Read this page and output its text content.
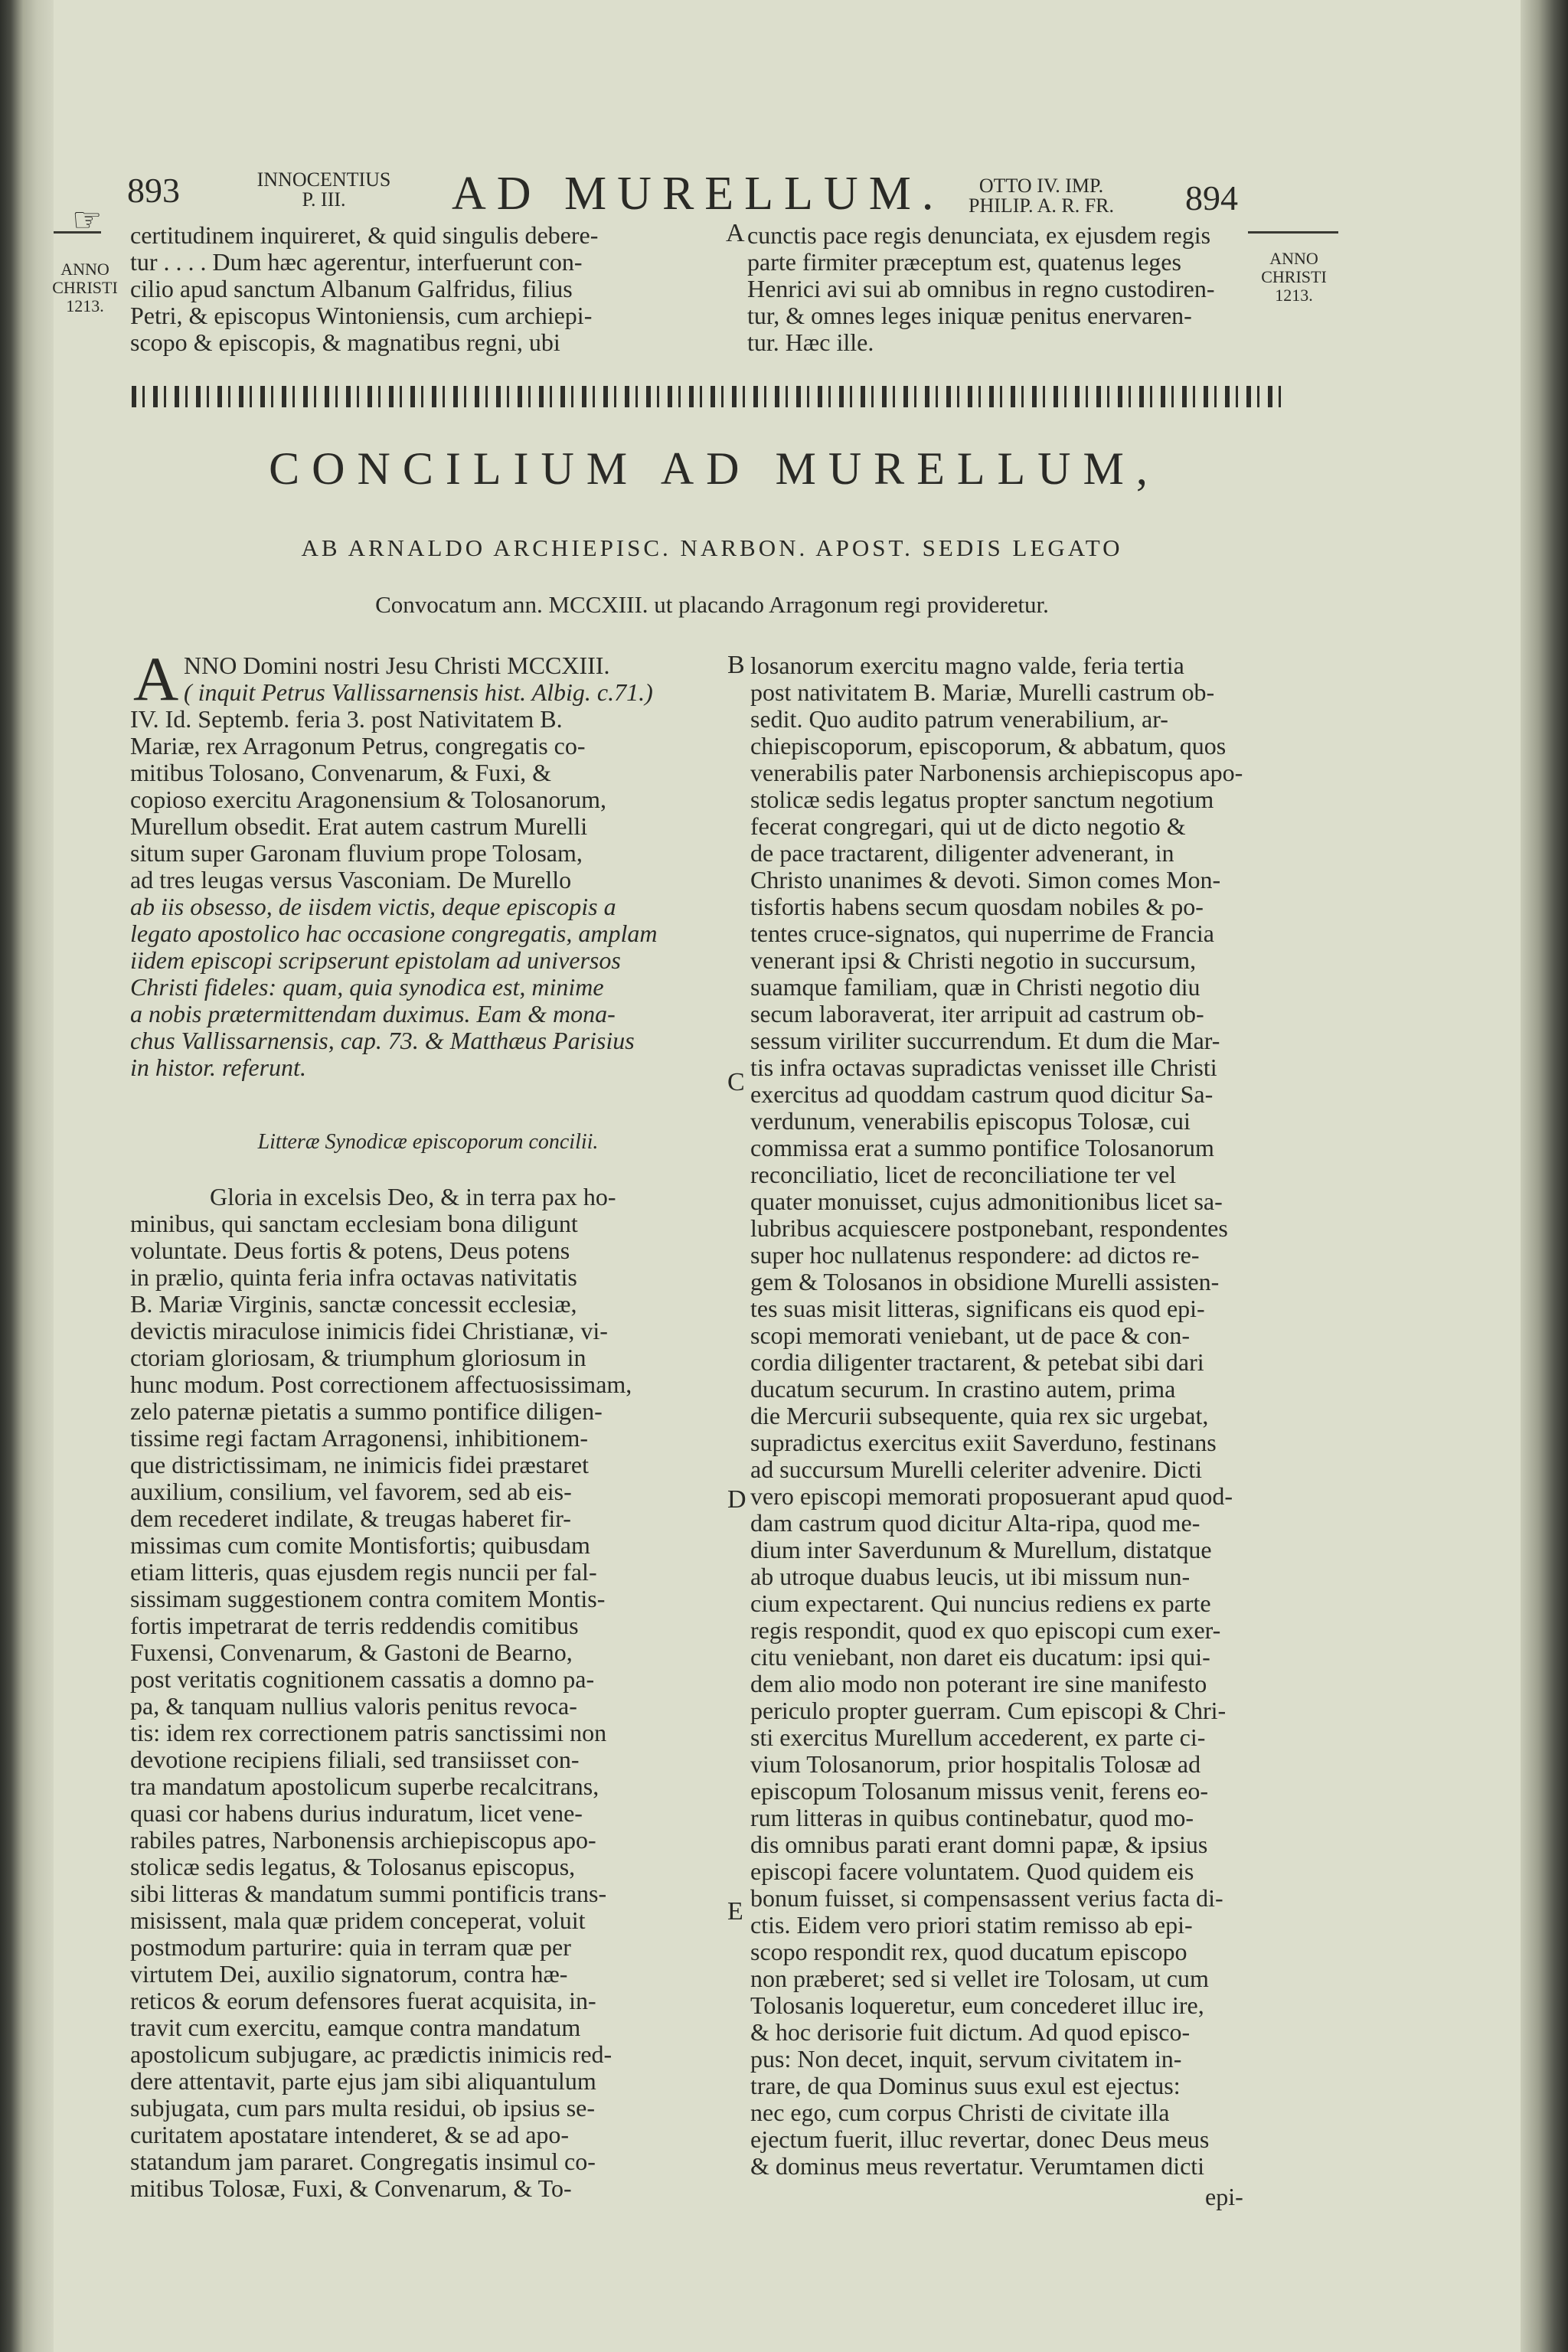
893	INNOCENTIUS
P. III.	AD MURELLUM.	OTTO IV. IMP.
PHILIP. A. R. FR.	894
ANNO
CHRISTI
1213.
ANNO
CHRISTI
1213.
☞ certitudinem inquireret, & quid singulis debere-

tur . . . . Dum hæc agerentur, interfuerunt con-

cilio apud sanctum Albanum Galfridus, filius

Petri, & episcopus Wintoniensis, cum archiepi-

scopo & episcopis, & magnatibus regni, ubi

A cunctis pace regis denunciata, ex ejusdem regis

parte firmiter præceptum est, quatenus leges

Henrici avi sui ab omnibus in regno custodiren-

tur, & omnes leges iniquæ penitus enervaren-

tur. Hæc ille.

CONCILIUM AD MURELLUM,
AB ARNALDO ARCHIEPISC. NARBON. APOST. SEDIS LEGATO
Convocatum ann. MCCXIII. ut placando Arragonum regi provideretur.
A NNO Domini nostri Jesu Christi MCCXIII.

( inquit Petrus Vallissarnensis hist. Albig. c.71.)

IV. Id. Septemb. feria 3. post Nativitatem B.

Mariæ, rex Arragonum Petrus, congregatis co-

mitibus Tolosano, Convenarum, & Fuxi, &

copioso exercitu Aragonensium & Tolosanorum,

Murellum obsedit. Erat autem castrum Murelli

situm super Garonam fluvium prope Tolosam,

ad tres leugas versus Vasconiam. De Murello

ab iis obsesso, de iisdem victis, deque episcopis a

legato apostolico hac occasione congregatis, amplam

iidem episcopi scripserunt epistolam ad universos

Christi fideles: quam, quia synodica est, minime

a nobis prætermittendam duximus. Eam & mona-

chus Vallissarnensis, cap. 73. & Matthæus Parisius

in histor. referunt.

Litteræ Synodicæ episcoporum concilii.

Gloria in excelsis Deo, & in terra pax ho-

minibus, qui sanctam ecclesiam bona diligunt

voluntate. Deus fortis & potens, Deus potens

in prælio, quinta feria infra octavas nativitatis

B. Mariæ Virginis, sanctæ concessit ecclesiæ,

devictis miraculose inimicis fidei Christianæ, vi-

ctoriam gloriosam, & triumphum gloriosum in

hunc modum. Post correctionem affectuosissimam,

zelo paternæ pietatis a summo pontifice diligen-

tissime regi factam Arragonensi, inhibitionem-

que districtissimam, ne inimicis fidei præstaret

auxilium, consilium, vel favorem, sed ab eis-

dem recederet indilate, & treugas haberet fir-

missimas cum comite Montisfortis; quibusdam

etiam litteris, quas ejusdem regis nuncii per fal-

sissimam suggestionem contra comitem Montis-

fortis impetrarat de terris reddendis comitibus

Fuxensi, Convenarum, & Gastoni de Bearno,

post veritatis cognitionem cassatis a domno pa-

pa, & tanquam nullius valoris penitus revoca-

tis: idem rex correctionem patris sanctissimi non

devotione recipiens filiali, sed transiisset con-

tra mandatum apostolicum superbe recalcitrans,

quasi cor habens durius induratum, licet vene-

rabiles patres, Narbonensis archiepiscopus apo-

stolicæ sedis legatus, & Tolosanus episcopus,

sibi litteras & mandatum summi pontificis trans-

misissent, mala quæ pridem conceperat, voluit

postmodum parturire: quia in terram quæ per

virtutem Dei, auxilio signatorum, contra hæ-

reticos & eorum defensores fuerat acquisita, in-

travit cum exercitu, eamque contra mandatum

apostolicum subjugare, ac prædictis inimicis red-

dere attentavit, parte ejus jam sibi aliquantulum

subjugata, cum pars multa residui, ob ipsius se-

curitatem apostatare intenderet, & se ad apo-

statandum jam pararet. Congregatis insimul co-

mitibus Tolosæ, Fuxi, & Convenarum, & To-

B
C
D
E

losanorum exercitu magno valde, feria tertia

post nativitatem B. Mariæ, Murelli castrum ob-

sedit. Quo audito patrum venerabilium, ar-

chiepiscoporum, episcoporum, & abbatum, quos

venerabilis pater Narbonensis archiepiscopus apo-

stolicæ sedis legatus propter sanctum negotium

fecerat congregari, qui ut de dicto negotio &

de pace tractarent, diligenter advenerant, in

Christo unanimes & devoti. Simon comes Mon-

tisfortis habens secum quosdam nobiles & po-

tentes cruce-signatos, qui nuperrime de Francia

venerant ipsi & Christi negotio in succursum,

suamque familiam, quæ in Christi negotio diu

secum laboraverat, iter arripuit ad castrum ob-

sessum viriliter succurrendum. Et dum die Mar-

tis infra octavas supradictas venisset ille Christi

exercitus ad quoddam castrum quod dicitur Sa-

verdunum, venerabilis episcopus Tolosæ, cui

commissa erat a summo pontifice Tolosanorum

reconciliatio, licet de reconciliatione ter vel

quater monuisset, cujus admonitionibus licet sa-

lubribus acquiescere postponebant, respondentes

super hoc nullatenus respondere: ad dictos re-

gem & Tolosanos in obsidione Murelli assisten-

tes suas misit litteras, significans eis quod epi-

scopi memorati veniebant, ut de pace & con-

cordia diligenter tractarent, & petebat sibi dari

ducatum securum. In crastino autem, prima

die Mercurii subsequente, quia rex sic urgebat,

supradictus exercitus exiit Saverduno, festinans

ad succursum Murelli celeriter advenire. Dicti

vero episcopi memorati proposuerant apud quod-

dam castrum quod dicitur Alta-ripa, quod me-

dium inter Saverdunum & Murellum, distatque

ab utroque duabus leucis, ut ibi missum nun-

cium expectarent. Qui nuncius rediens ex parte

regis respondit, quod ex quo episcopi cum exer-

citu veniebant, non daret eis ducatum: ipsi qui-

dem alio modo non poterant ire sine manifesto

periculo propter guerram. Cum episcopi & Chri-

sti exercitus Murellum accederent, ex parte ci-

vium Tolosanorum, prior hospitalis Tolosæ ad

episcopum Tolosanum missus venit, ferens eo-

rum litteras in quibus continebatur, quod mo-

dis omnibus parati erant domni papæ, & ipsius

episcopi facere voluntatem. Quod quidem eis

bonum fuisset, si compensassent verius facta di-

ctis. Eidem vero priori statim remisso ab epi-

scopo respondit rex, quod ducatum episcopo

non præberet; sed si vellet ire Tolosam, ut cum

Tolosanis loqueretur, eum concederet illuc ire,

& hoc derisorie fuit dictum. Ad quod episco-

pus: Non decet, inquit, servum civitatem in-

trare, de qua Dominus suus exul est ejectus:

nec ego, cum corpus Christi de civitate illa

ejectum fuerit, illuc revertar, donec Deus meus

& dominus meus revertatur. Verumtamen dicti

epi-
